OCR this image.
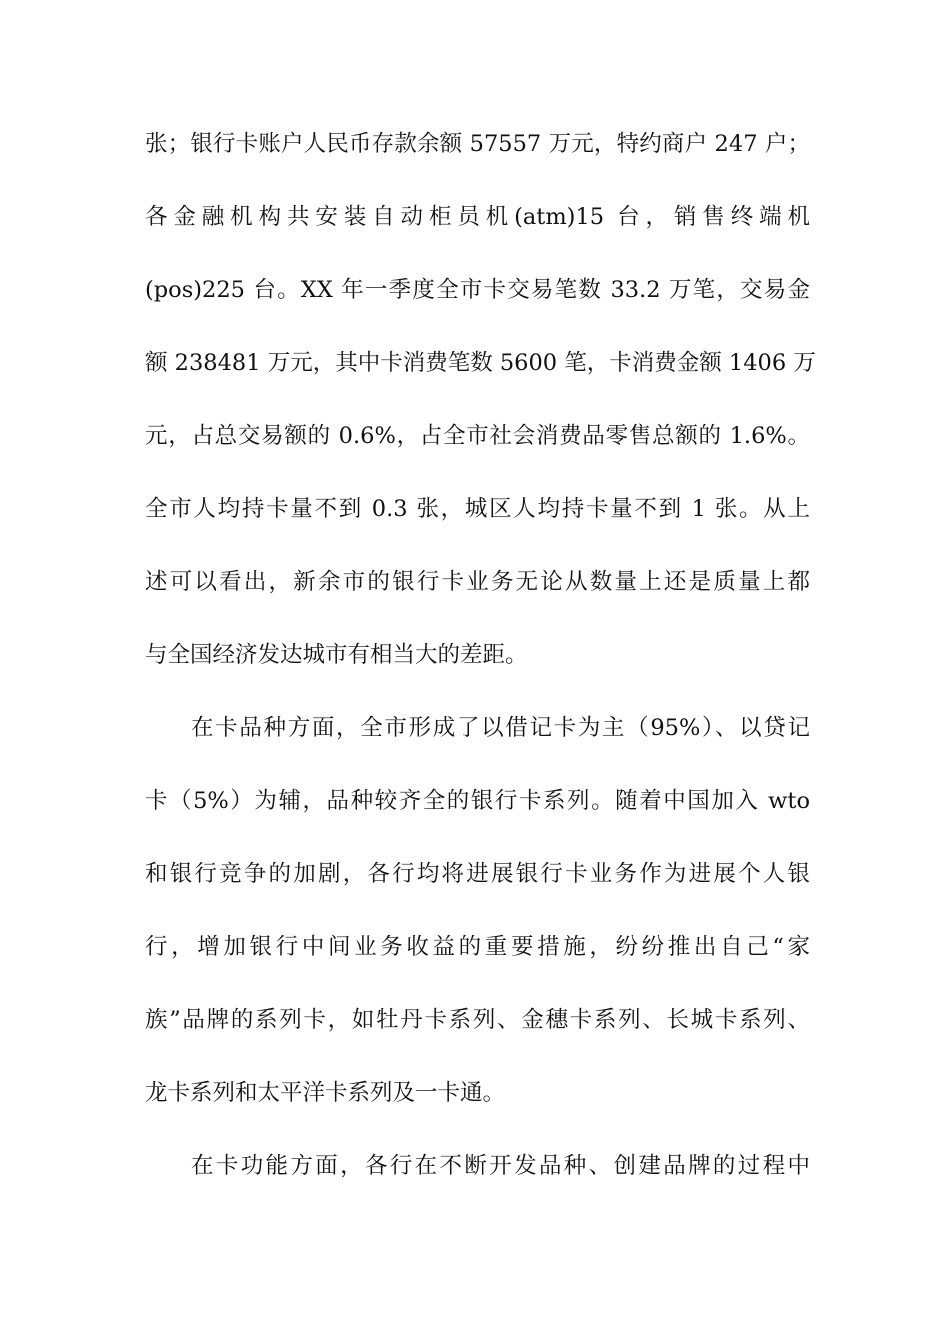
张；银行卡账户人民币存款余额 57557 万元，特约商户 247 户；
各金融机构共安装自动柜员机(atm)15 台，销售终端机
(pos)225 台。XX 年一季度全市卡交易笔数 33.2 万笔，交易金
额 238481 万元，其中卡消费笔数 5600 笔，卡消费金额 1406 万
元，占总交易额的 0.6%，占全市社会消费品零售总额的 1.6%。
全市人均持卡量不到 0.3 张，城区人均持卡量不到 1 张。从上
述可以看出，新余市的银行卡业务无论从数量上还是质量上都
与全国经济发达城市有相当大的差距。
在卡品种方面，全市形成了以借记卡为主（95%）、以贷记
卡（5%）为辅，品种较齐全的银行卡系列。随着中国加入 wto
和银行竞争的加剧，各行均将进展银行卡业务作为进展个人银
行，增加银行中间业务收益的重要措施，纷纷推出自己“家
族”品牌的系列卡，如牡丹卡系列、金穗卡系列、长城卡系列、
龙卡系列和太平洋卡系列及一卡通。
在卡功能方面，各行在不断开发品种、创建品牌的过程中
